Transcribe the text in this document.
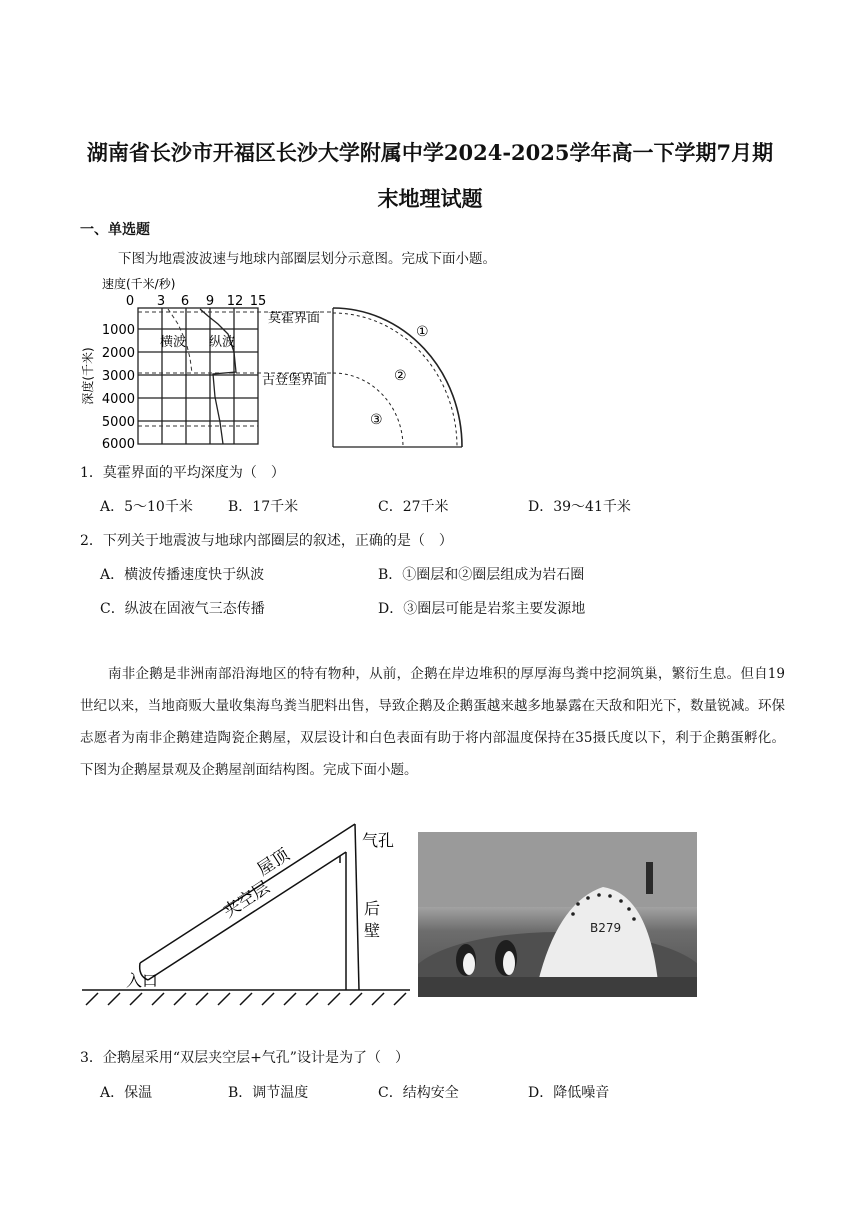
湖南省长沙市开福区长沙大学附属中学2024-2025学年高一下学期7月期
末地理试题
一、单选题
下图为地震波波速与地球内部圈层划分示意图。完成下面小题。
速度(千米/秒)
0 3 6 9 12 15
深度(千米)
1000
2000
3000
4000
5000
6000
横波 纵波
莫霍界面
古登堡界面
①
②
③
1．莫霍界面的平均深度为（　）
A．5～10千米	B．17千米	C．27千米	D．39～41千米
2．下列关于地震波与地球内部圈层的叙述，正确的是（　）
A．横波传播速度快于纵波	B．①圈层和②圈层组成为岩石圈
C．纵波在固液气三态传播	D．③圈层可能是岩浆主要发源地
南非企鹅是非洲南部沿海地区的特有物种，从前，企鹅在岸边堆积的厚厚海鸟粪中挖洞筑巢，繁衍生息。但自19世纪以来，当地商贩大量收集海鸟粪当肥料出售，导致企鹅及企鹅蛋越来越多地暴露在天敌和阳光下，数量锐减。环保志愿者为南非企鹅建造陶瓷企鹅屋，双层设计和白色表面有助于将内部温度保持在35摄氏度以下，利于企鹅蛋孵化。下图为企鹅屋景观及企鹅屋剖面结构图。完成下面小题。
屋顶
夹空层
气孔
后
壁
入口
B279
3．企鹅屋采用“双层夹空层+气孔”设计是为了（　）
A．保温	B．调节温度	C．结构安全	D．降低噪音
